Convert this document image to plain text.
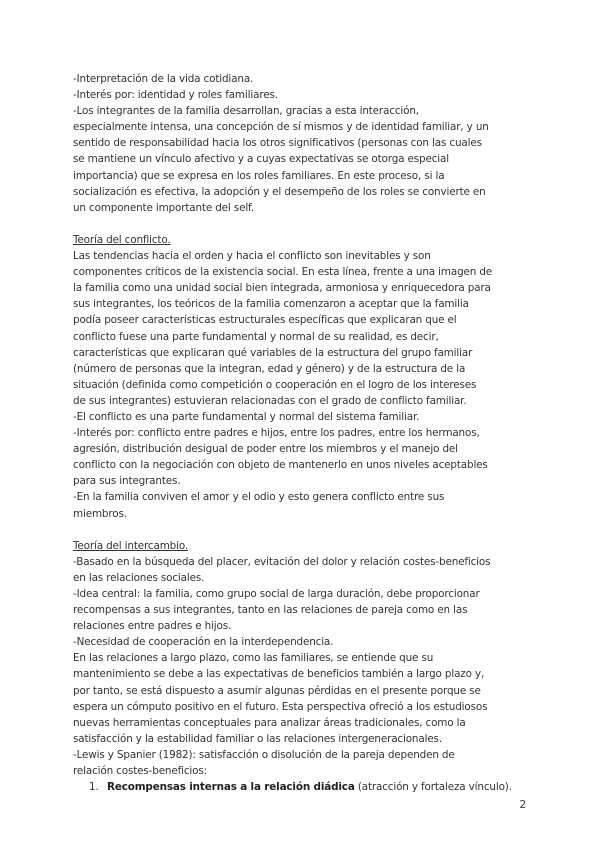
-Interpretación de la vida cotidiana.
-Interés por: identidad y roles familiares.
-Los integrantes de la familia desarrollan, gracias a esta interacción,
especialmente intensa, una concepción de sí mismos y de identidad familiar, y un
sentido de responsabilidad hacia los otros significativos (personas con las cuales
se mantiene un vínculo afectivo y a cuyas expectativas se otorga especial
importancia) que se expresa en los roles familiares. En este proceso, si la
socialización es efectiva, la adopción y el desempeño de los roles se convierte en
un componente importante del self.
Teoría del conflicto.
Las tendencias hacia el orden y hacia el conflicto son inevitables y son
componentes críticos de la existencia social. En esta línea, frente a una imagen de
la familia como una unidad social bien integrada, armoniosa y enriquecedora para
sus integrantes, los teóricos de la familia comenzaron a aceptar que la familia
podía poseer características estructurales específicas que explicaran que el
conflicto fuese una parte fundamental y normal de su realidad, es decir,
características que explicaran qué variables de la estructura del grupo familiar
(número de personas que la integran, edad y género) y de la estructura de la
situación (definida como competición o cooperación en el logro de los intereses
de sus integrantes) estuvieran relacionadas con el grado de conflicto familiar.
-El conflicto es una parte fundamental y normal del sistema familiar.
-Interés por: conflicto entre padres e hijos, entre los padres, entre los hermanos,
agresión, distribución desigual de poder entre los miembros y el manejo del
conflicto con la negociación con objeto de mantenerlo en unos niveles aceptables
para sus integrantes.
-En la familia conviven el amor y el odio y esto genera conflicto entre sus
miembros.
Teoría del intercambio.
-Basado en la búsqueda del placer, evitación del dolor y relación costes-beneficios
en las relaciones sociales.
-Idea central: la familia, como grupo social de larga duración, debe proporcionar
recompensas a sus integrantes, tanto en las relaciones de pareja como en las
relaciones entre padres e hijos.
-Necesidad de cooperación en la interdependencia.
En las relaciones a largo plazo, como las familiares, se entiende que su
mantenimiento se debe a las expectativas de beneficios también a largo plazo y,
por tanto, se está dispuesto a asumir algunas pérdidas en el presente porque se
espera un cómputo positivo en el futuro. Esta perspectiva ofreció a los estudiosos
nuevas herramientas conceptuales para analizar áreas tradicionales, como la
satisfacción y la estabilidad familiar o las relaciones intergeneracionales.
-Lewis y Spanier (1982): satisfacción o disolución de la pareja dependen de
relación costes-beneficios:
1. Recompensas internas a la relación diádica (atracción y fortaleza vínculo).
2
